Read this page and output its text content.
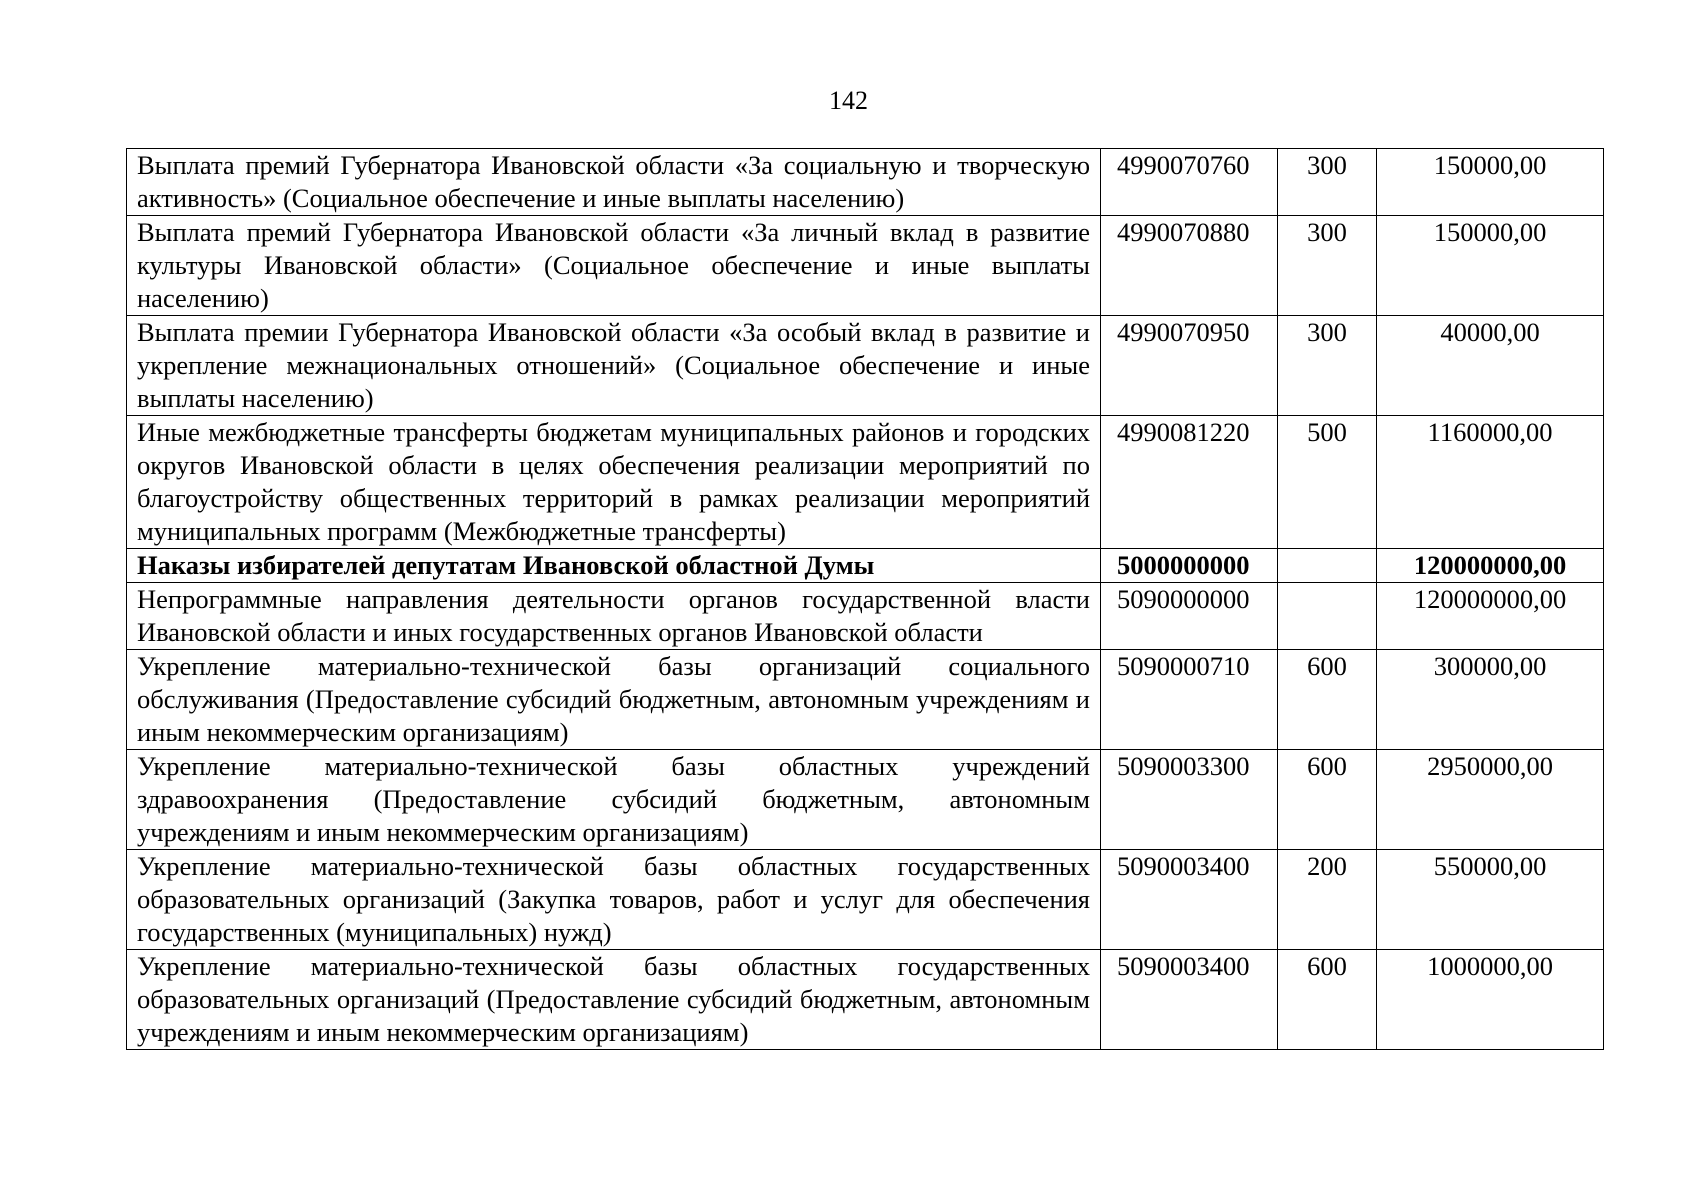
142
Выплата премий Губернатора Ивановской области «За социальную и творческую активность» (Социальное обеспечение и иные выплаты населению)	4990070760	300	150000,00
Выплата премий Губернатора Ивановской области «За личный вклад в развитие культуры Ивановской области» (Социальное обеспечение и иные выплаты населению)	4990070880	300	150000,00
Выплата премии Губернатора Ивановской области «За особый вклад в развитие и укрепление межнациональных отношений» (Социальное обеспечение и иные выплаты населению)	4990070950	300	40000,00
Иные межбюджетные трансферты бюджетам муниципальных районов и городских округов Ивановской области в целях обеспечения реализации мероприятий по благоустройству общественных территорий в рамках реализации мероприятий муниципальных программ (Межбюджетные трансферты)	4990081220	500	1160000,00
Наказы избирателей депутатам Ивановской областной Думы	5000000000		120000000,00
Непрограммные направления деятельности органов государственной власти Ивановской области и иных государственных органов Ивановской области	5090000000		120000000,00
Укрепление материально-технической базы организаций социального обслуживания (Предоставление субсидий бюджетным, автономным учреждениям и иным некоммерческим организациям)	5090000710	600	300000,00
Укрепление материально-технической базы областных учреждений здравоохранения (Предоставление субсидий бюджетным, автономным учреждениям и иным некоммерческим организациям)	5090003300	600	2950000,00
Укрепление материально-технической базы областных государственных образовательных организаций (Закупка товаров, работ и услуг для обеспечения государственных (муниципальных) нужд)	5090003400	200	550000,00
Укрепление материально-технической базы областных государственных образовательных организаций (Предоставление субсидий бюджетным, автономным учреждениям и иным некоммерческим организациям)	5090003400	600	1000000,00
